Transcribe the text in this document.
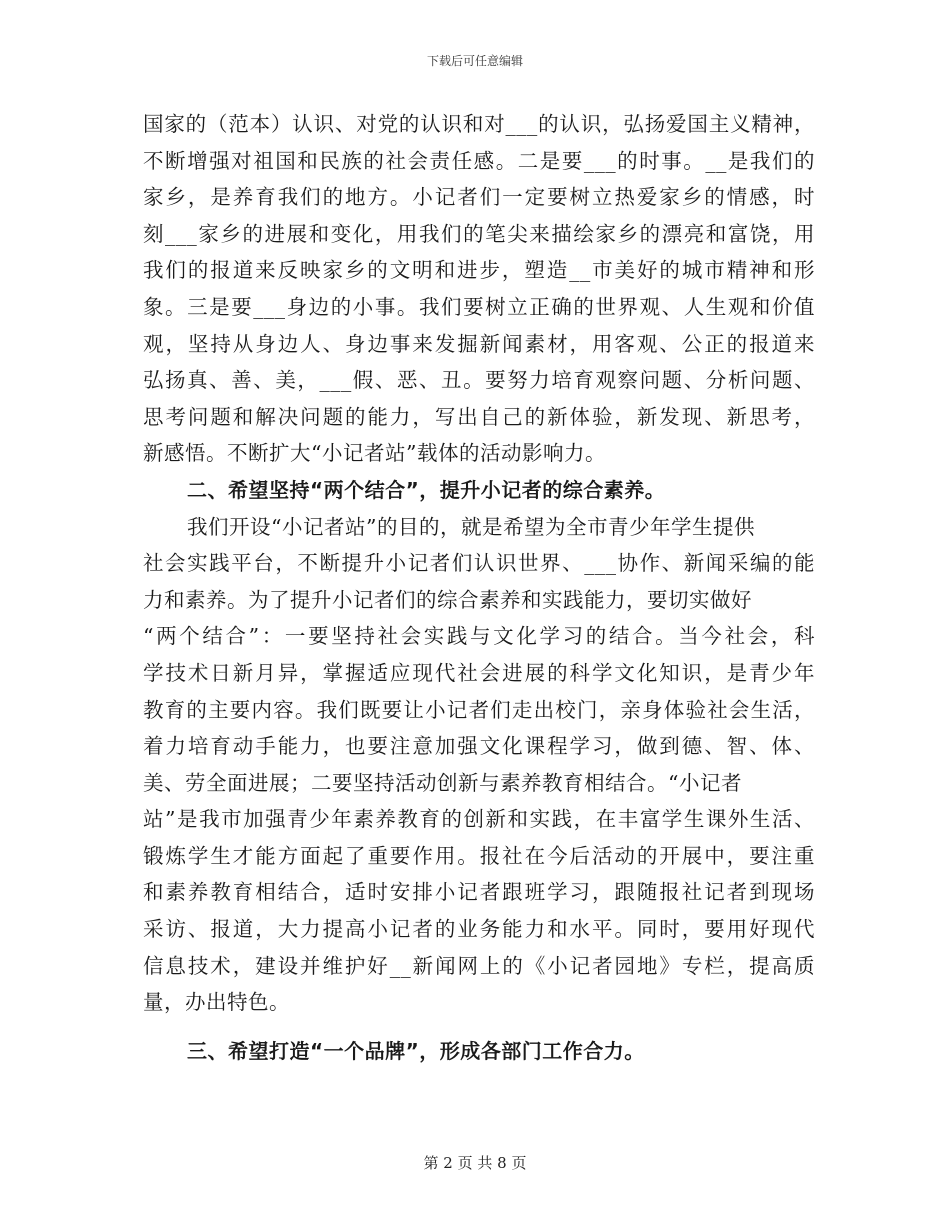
下载后可任意编辑
国家的（范本）认识、对党的认识和对___的认识，弘扬爱国主义精神，
不断增强对祖国和民族的社会责任感。二是要___的时事。__是我们的
家乡，是养育我们的地方。小记者们一定要树立热爱家乡的情感，时
刻___家乡的进展和变化，用我们的笔尖来描绘家乡的漂亮和富饶，用
我们的报道来反映家乡的文明和进步，塑造__市美好的城市精神和形
象。三是要___身边的小事。我们要树立正确的世界观、人生观和价值
观，坚持从身边人、身边事来发掘新闻素材，用客观、公正的报道来
弘扬真、善、美，___假、恶、丑。要努力培育观察问题、分析问题、
思考问题和解决问题的能力，写出自己的新体验，新发现、新思考，
新感悟。不断扩大“小记者站”载体的活动影响力。
二、希望坚持“两个结合”，提升小记者的综合素养。
我们开设“小记者站”的目的，就是希望为全市青少年学生提供
社会实践平台，不断提升小记者们认识世界、___协作、新闻采编的能
力和素养。为了提升小记者们的综合素养和实践能力，要切实做好
“两个结合”：一要坚持社会实践与文化学习的结合。当今社会，科
学技术日新月异，掌握适应现代社会进展的科学文化知识，是青少年
教育的主要内容。我们既要让小记者们走出校门，亲身体验社会生活，
着力培育动手能力，也要注意加强文化课程学习，做到德、智、体、
美、劳全面进展；二要坚持活动创新与素养教育相结合。“小记者
站”是我市加强青少年素养教育的创新和实践，在丰富学生课外生活、
锻炼学生才能方面起了重要作用。报社在今后活动的开展中，要注重
和素养教育相结合，适时安排小记者跟班学习，跟随报社记者到现场
采访、报道，大力提高小记者的业务能力和水平。同时，要用好现代
信息技术，建设并维护好__新闻网上的《小记者园地》专栏，提高质
量，办出特色。
三、希望打造“一个品牌”，形成各部门工作合力。
第 2 页 共 8 页
